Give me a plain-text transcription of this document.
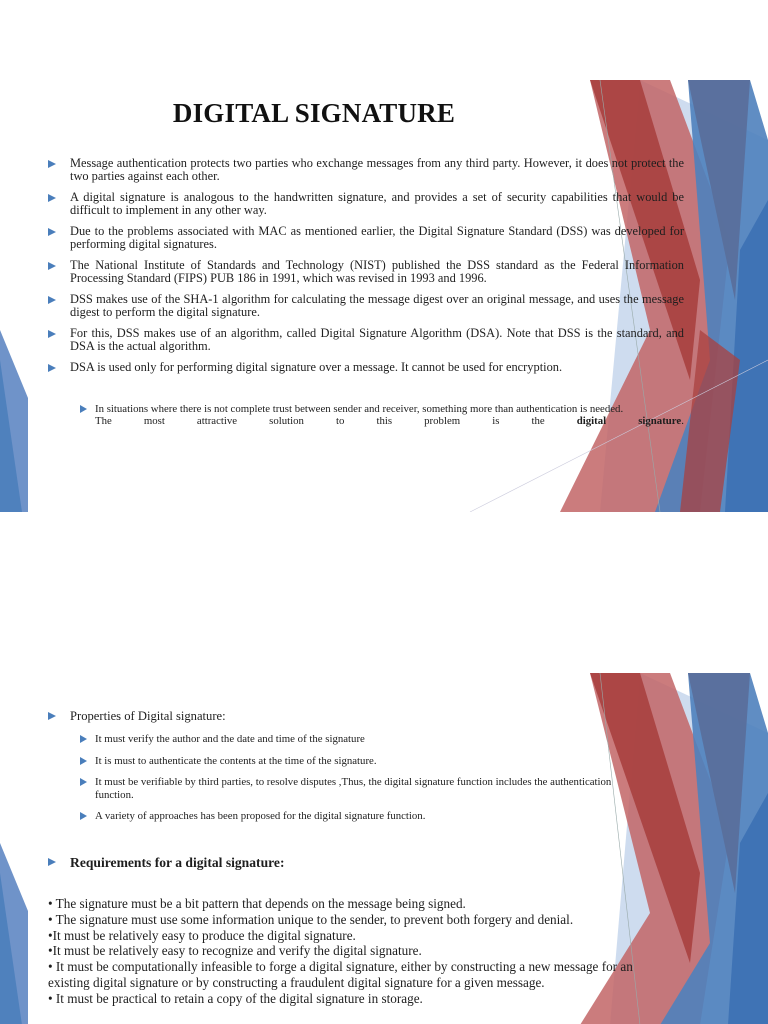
DIGITAL SIGNATURE
Message authentication protects two parties who exchange messages from any third party. However, it does not protect the two parties against each other.
A digital signature is analogous to the handwritten signature, and provides a set of security capabilities that would be difficult to implement in any other way.
Due to the problems associated with MAC as mentioned earlier, the Digital Signature Standard (DSS) was developed for performing digital signatures.
The National Institute of Standards and Technology (NIST) published the DSS standard as the Federal Information Processing Standard (FIPS) PUB 186 in 1991, which was revised in 1993 and 1996.
DSS makes use of the SHA-1 algorithm for calculating the message digest over an original message, and uses the message digest to perform the digital signature.
For this, DSS makes use of an algorithm, called Digital Signature Algorithm (DSA). Note that DSS is the standard, and DSA is the actual algorithm.
DSA is used only for performing digital signature over a message. It cannot be used for encryption.
In situations where there is not complete trust between sender and receiver, something more than authentication is needed.
The	most	attractive	solution	to	this	problem	is	the	digital	signature.
Properties of Digital signature:
It must verify the author and the date and time of the signature
It is must to authenticate the contents at the time of the signature.
It must be verifiable by third parties, to resolve disputes ,Thus, the digital signature function includes the authentication function.
A variety of approaches has been proposed for the digital signature function.
Requirements for a digital signature:
• The signature must be a bit pattern that depends on the message being signed.
• The signature must use some information unique to the sender, to prevent both forgery and denial.
•It must be relatively easy to produce the digital signature.
•It must be relatively easy to recognize and verify the digital signature.
• It must be computationally infeasible to forge a digital signature, either by constructing a new message for an existing digital signature or by constructing a fraudulent digital signature for a given message.
• It must be practical to retain a copy of the digital signature in storage.
